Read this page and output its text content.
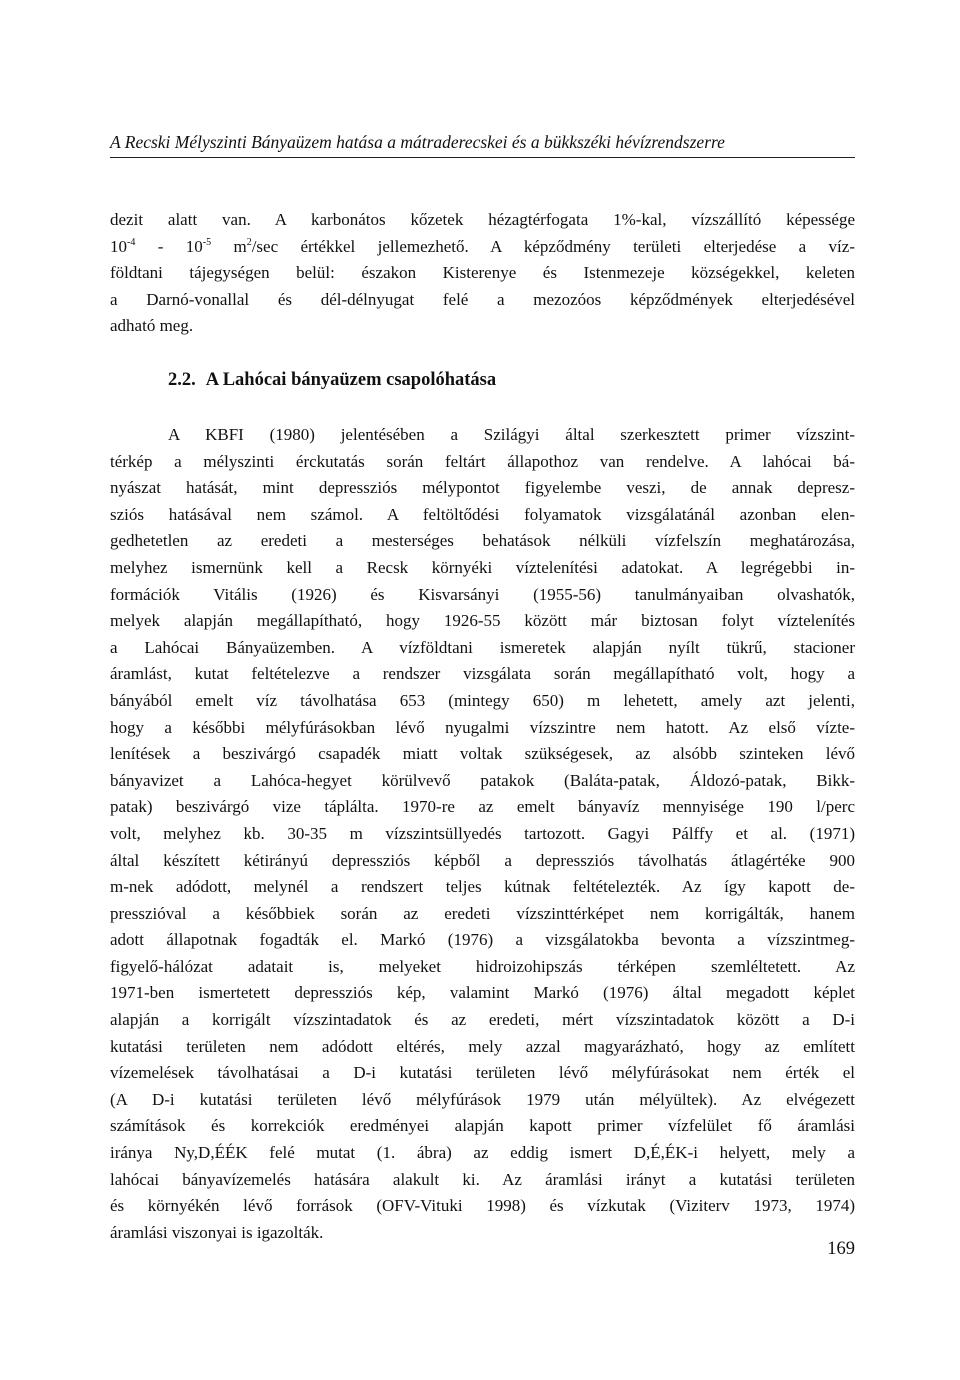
A Recski Mélyszinti Bányaüzem hatása a mátraderecskei és a bükkszéki hévízrendszerre
dezit alatt van. A karbonátos kőzetek hézagtérfogata 1%-kal, vízszállító képessége
$10^{-4} - 10^{-5}$ $m^2/\sec$ értékkel jellemezhető. A képződmény területi elterjedése a víz-
földtani tájegységen belül: északon Kisterenye és Istenmezeje községekkel, keleten
a Darnó-vonallal és dél-délnyugat felé a mezozóos képződmények elterjedésével
adható meg.
2.2. A Lahócai bányaüzem csapolóhatása
A KBFI (1980) jelentésében a Szilágyi által szerkesztett primer vízszint-
térkép a mélyszinti érckutatás során feltárt állapothoz van rendelve. A lahócai bá-
nyászat hatását, mint depressziós mélypontot figyelembe veszi, de annak depresz-
sziós hatásával nem számol. A feltöltődési folyamatok vizsgálatánál azonban elen-
gedhetetlen az eredeti a mesterséges behatások nélküli vízfelszín meghatározása,
melyhez ismernünk kell a Recsk környéki víztelenítési adatokat. A legrégebbi in-
formációk Vitális (1926) és Kisvarsányi (1955-56) tanulmányaiban olvashatók,
melyek alapján megállapítható, hogy 1926-55 között már biztosan folyt víztelenítés
a Lahócai Bányaüzemben. A vízföldtani ismeretek alapján nyílt tükrű, stacioner
áramlást, kutat feltételezve a rendszer vizsgálata során megállapítható volt, hogy a
bányából emelt víz távolhatása 653 (mintegy 650) m lehetett, amely azt jelenti,
hogy a későbbi mélyfúrásokban lévő nyugalmi vízszintre nem hatott. Az első vízte-
lenítések a beszivárgó csapadék miatt voltak szükségesek, az alsóbb szinteken lévő
bányavizet a Lahóca-hegyet körülvevő patakok (Baláta-patak, Áldozó-patak, Bikk-
patak) beszivárgó vize táplálta. 1970-re az emelt bányavíz mennyisége 190 l/perc
volt, melyhez kb. 30-35 m vízszintsüllyedés tartozott. Gagyi Pálffy et al. (1971)
által készített kétirányú depressziós képből a depressziós távolhatás átlagértéke 900
m-nek adódott, melynél a rendszert teljes kútnak feltételezték. Az így kapott de-
presszióval a későbbiek során az eredeti vízszinttérképet nem korrigálták, hanem
adott állapotnak fogadták el. Markó (1976) a vizsgálatokba bevonta a vízszintmeg-
figyelő-hálózat adatait is, melyeket hidroizohipszás térképen szemléltetett. Az
1971-ben ismertetett depressziós kép, valamint Markó (1976) által megadott képlet
alapján a korrigált vízszintadatok és az eredeti, mért vízszintadatok között a D-i
kutatási területen nem adódott eltérés, mely azzal magyarázható, hogy az említett
vízemelések távolhatásai a D-i kutatási területen lévő mélyfúrásokat nem érték el
(A D-i kutatási területen lévő mélyfúrások 1979 után mélyültek). Az elvégezett
számítások és korrekciók eredményei alapján kapott primer vízfelület fő áramlási
iránya Ny,D,ÉÉK felé mutat (1. ábra) az eddig ismert D,É,ÉK-i helyett, mely a
lahócai bányavízemelés hatására alakult ki. Az áramlási irányt a kutatási területen
és környékén lévő források (OFV-Vituki 1998) és vízkutak (Viziterv 1973, 1974)
áramlási viszonyai is igazolták.
169
